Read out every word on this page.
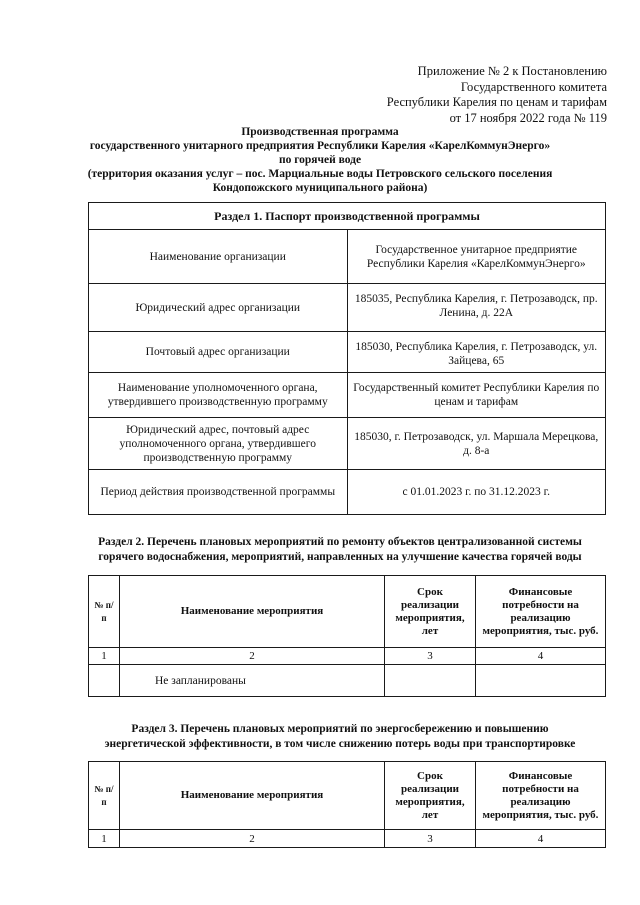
Приложение № 2 к Постановлению
Государственного комитета
Республики Карелия по ценам и тарифам
от 17 ноября 2022 года № 119
Производственная программа
государственного унитарного предприятия Республики Карелия «КарелКоммунЭнерго»
по горячей воде
(территория оказания услуг – пос. Марциальные воды Петровского сельского поселения
Кондопожского муниципального района)
Раздел 1. Паспорт производственной программы	
Наименование организации	Государственное унитарное предприятие Республики Карелия «КарелКоммунЭнерго»
Юридический адрес организации	185035, Республика Карелия, г. Петрозаводск, пр. Ленина, д. 22А
Почтовый адрес организации	185030, Республика Карелия, г. Петрозаводск, ул. Зайцева, 65
Наименование уполномоченного органа, утвердившего производственную программу	Государственный комитет Республики Карелия по ценам и тарифам
Юридический адрес, почтовый адрес уполномоченного органа, утвердившего производственную программу	185030, г. Петрозаводск, ул. Маршала Мерецкова, д. 8-а
Период действия производственной программы	с 01.01.2023 г. по 31.12.2023 г.
Раздел 2. Перечень плановых мероприятий по ремонту объектов централизованной системы
горячего водоснабжения, мероприятий, направленных на улучшение качества горячей воды
№ п/п	Наименование мероприятия	Срок реализации мероприятия, лет	Финансовые потребности на реализацию мероприятия, тыс. руб.
1	2	3	4
	Не запланированы		
Раздел 3. Перечень плановых мероприятий по энергосбережению и повышению
энергетической эффективности, в том числе снижению потерь воды при транспортировке
№ п/п	Наименование мероприятия	Срок реализации мероприятия, лет	Финансовые потребности на реализацию мероприятия, тыс. руб.
1	2	3	4
